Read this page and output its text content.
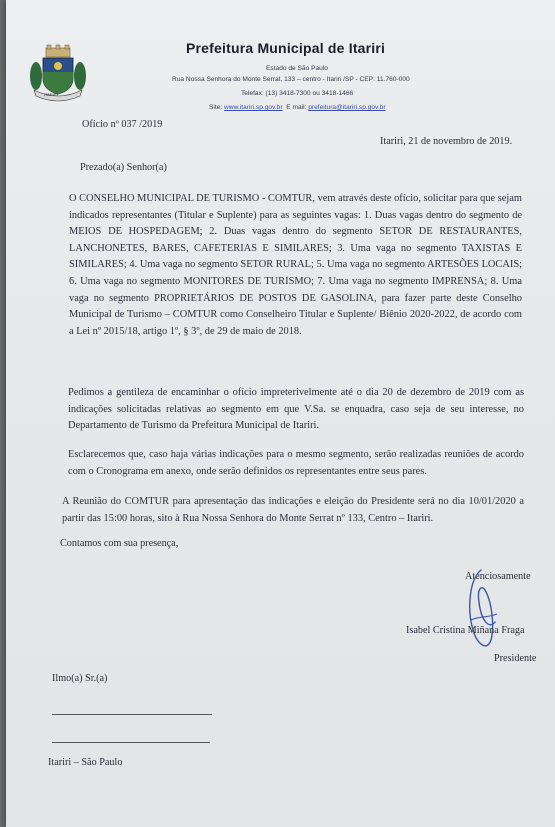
ITARIRI
Prefeitura Municipal de Itariri
Estado de São Paulo
Rua Nossa Senhora do Monte Serrat, 133 – centro - Itariri /SP - CEP: 11.760-000
Telefax: (13) 3418-7300 ou 3418-1466
Site: www.itariri.sp.gov.br E mail: prefeitura@itariri.sp.gov.br
Ofício nº 037 /2019
Itariri, 21 de novembro de 2019.
Prezado(a) Senhor(a)

O CONSELHO MUNICIPAL DE TURISMO - COMTUR, vem através deste ofício, solicitar para que sejam indicados representantes (Titular e Suplente) para as seguintes vagas: 1. Duas vagas dentro do segmento de MEIOS DE HOSPEDAGEM; 2. Duas vagas dentro do segmento SETOR DE RESTAURANTES, LANCHONETES, BARES, CAFETERIAS E SIMILARES; 3. Uma vaga no segmento TAXISTAS E SIMILARES; 4. Uma vaga no segmento SETOR RURAL; 5. Uma vaga no segmento ARTESÕES LOCAIS; 6. Uma vaga no segmento MONITORES DE TURISMO; 7. Uma vaga no segmento IMPRENSA; 8. Uma vaga no segmento PROPRIETÁRIOS DE POSTOS DE GASOLINA, para fazer parte deste Conselho Municipal de Turismo – COMTUR como Conselheiro Titular e Suplente/ Biênio 2020-2022, de acordo com a Lei nº 2015/18, artigo 1º, § 3º, de 29 de maio de 2018.

Pedimos a gentileza de encaminhar o ofício impreterivelmente até o dia 20 de dezembro de 2019 com as indicações solicitadas relativas ao segmento em que V.Sa. se enquadra, caso seja de seu interesse, no Departamento de Turismo da Prefeitura Municipal de Itariri.

Esclarecemos que, caso haja várias indicações para o mesmo segmento, serão realizadas reuniões de acordo com o Cronograma em anexo, onde serão definidos os representantes entre seus pares.

A Reunião do COMTUR para apresentação das indicações e eleição do Presidente será no dia 10/01/2020 a partir das 15:00 horas, sito à Rua Nossa Senhora do Monte Serrat nº 133, Centro – Itariri.

Contamos com sua presença,
Atenciosamente
Isabel Cristina Miñana Fraga
Presidente
Ilmo(a) Sr.(a)
Itariri – São Paulo
